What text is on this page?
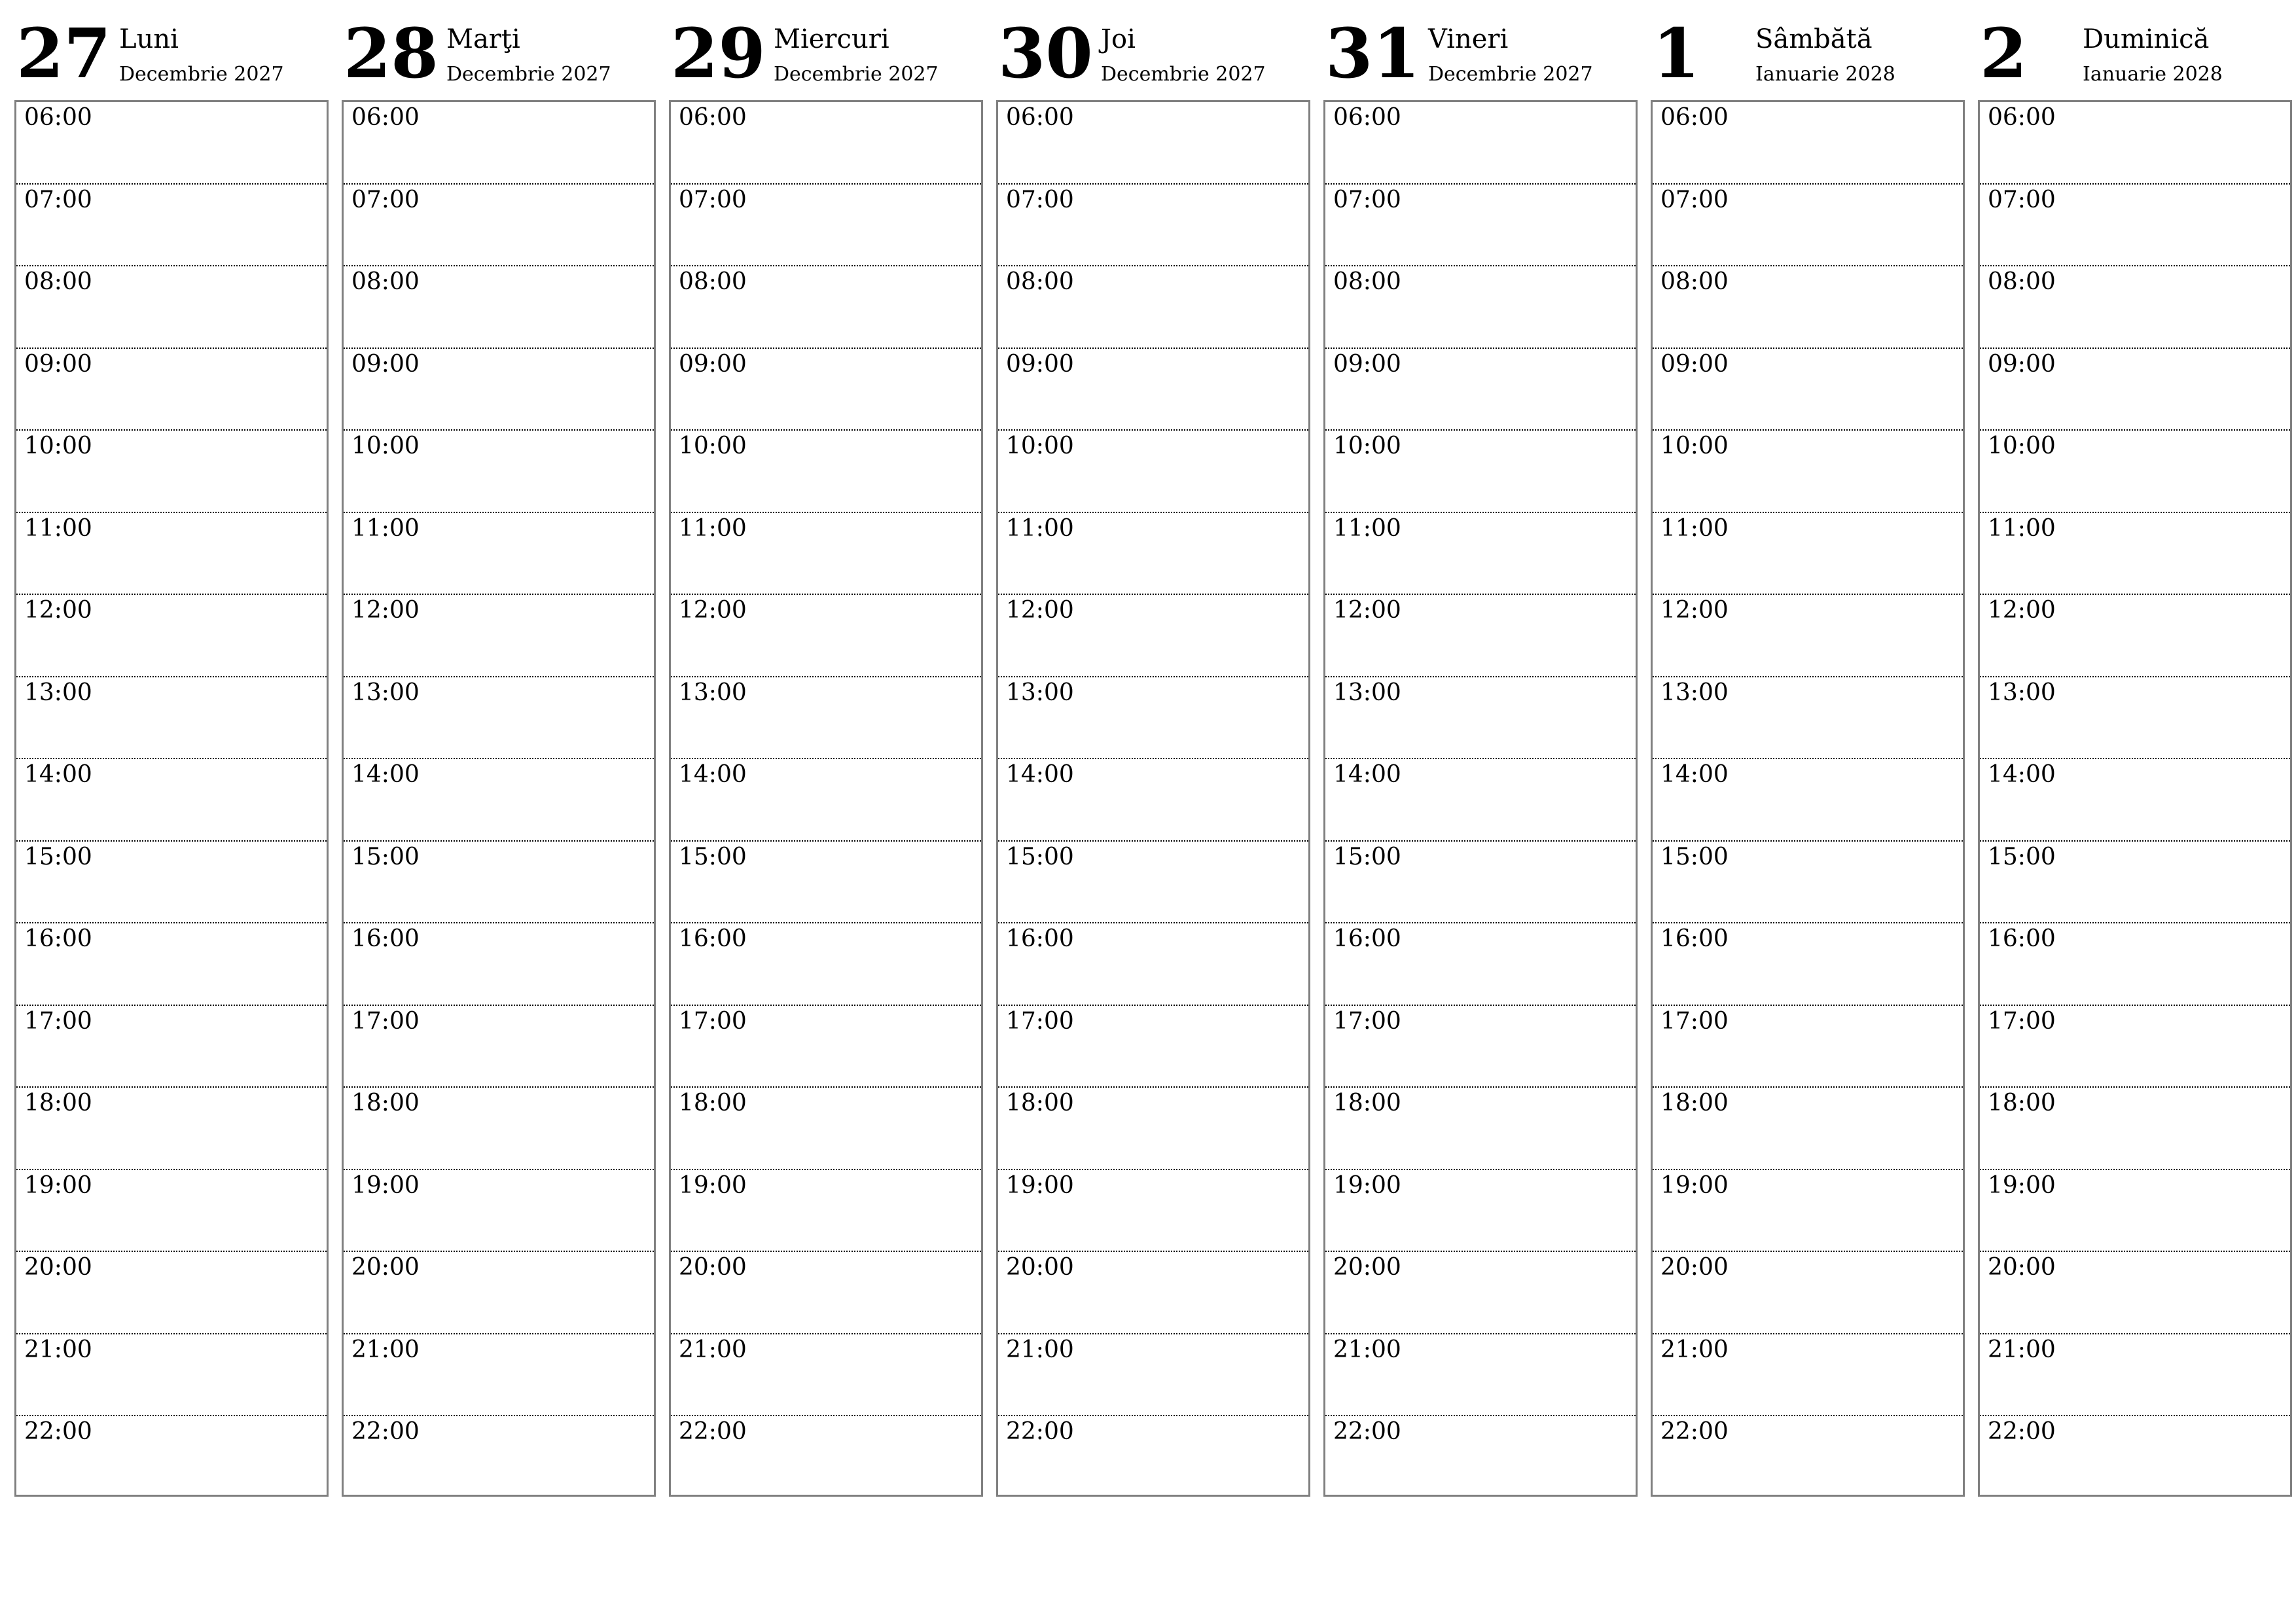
27 Luni
Decembrie 2027
06:00
07:00
08:00
09:00
10:00
11:00
12:00
13:00
14:00
15:00
16:00
17:00
18:00
19:00
20:00
21:00
22:00
28 Marţi
Decembrie 2027
06:00
07:00
08:00
09:00
10:00
11:00
12:00
13:00
14:00
15:00
16:00
17:00
18:00
19:00
20:00
21:00
22:00
29 Miercuri
Decembrie 2027
06:00
07:00
08:00
09:00
10:00
11:00
12:00
13:00
14:00
15:00
16:00
17:00
18:00
19:00
20:00
21:00
22:00
30 Joi
Decembrie 2027
06:00
07:00
08:00
09:00
10:00
11:00
12:00
13:00
14:00
15:00
16:00
17:00
18:00
19:00
20:00
21:00
22:00
31 Vineri
Decembrie 2027
06:00
07:00
08:00
09:00
10:00
11:00
12:00
13:00
14:00
15:00
16:00
17:00
18:00
19:00
20:00
21:00
22:00
1 Sâmbătă
Ianuarie 2028
06:00
07:00
08:00
09:00
10:00
11:00
12:00
13:00
14:00
15:00
16:00
17:00
18:00
19:00
20:00
21:00
22:00
2 Duminică
Ianuarie 2028
06:00
07:00
08:00
09:00
10:00
11:00
12:00
13:00
14:00
15:00
16:00
17:00
18:00
19:00
20:00
21:00
22:00
